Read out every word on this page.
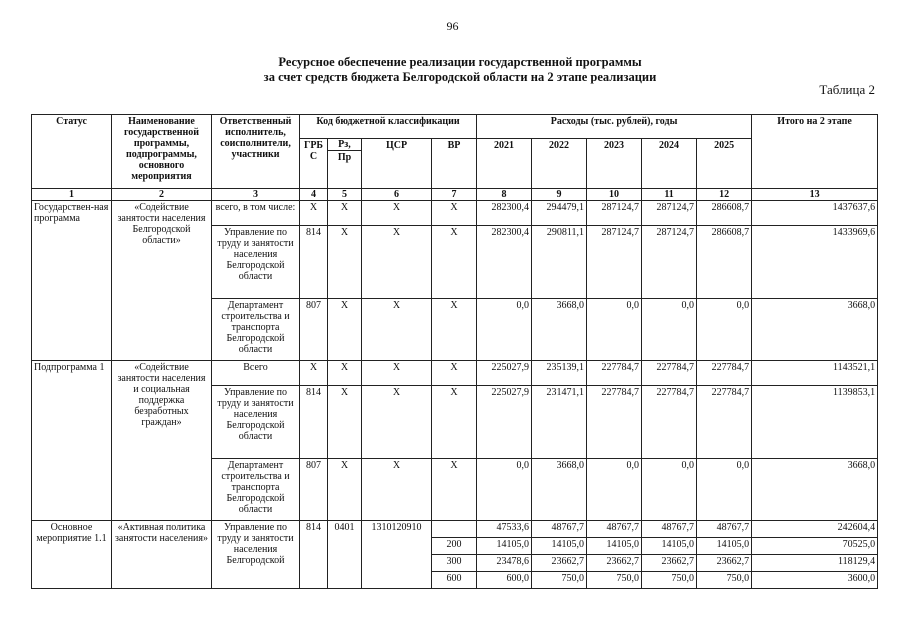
96
Ресурсное обеспечение реализации государственной программы
за счет средств бюджета Белгородской области на 2 этапе реализации
Таблица 2
Статус	Наименование государственной программы, подпрограммы, основного мероприятия	Ответственный исполнитель, соисполнители, участники	Код бюджетной классификации				Расходы (тыс. рублей), годы					Итого на 2 этапе
			ГРБ С	Рз,	ЦСР	ВР	2021	2022	2023	2024	2025	
				Пр								
1	2	3	4	5	6	7	8	9	10	11	12	13
Государствен-ная программа	«Содействие занятости населения Белгородской области»	всего, в том числе:	Х	Х	Х	Х	282300,4	294479,1	287124,7	287124,7	286608,7	1437637,6
		Управление по труду и занятости населения Белгородской области	814	Х	Х	Х	282300,4	290811,1	287124,7	287124,7	286608,7	1433969,6
		Департамент строительства и транспорта Белгородской области	807	Х	Х	Х	0,0	3668,0	0,0	0,0	0,0	3668,0
Подпрограмма 1	«Содействие занятости населения и социальная поддержка безработных граждан»	Всего	Х	Х	Х	Х	225027,9	235139,1	227784,7	227784,7	227784,7	1143521,1
		Управление по труду и занятости населения Белгородской области	814	Х	Х	Х	225027,9	231471,1	227784,7	227784,7	227784,7	1139853,1
		Департамент строительства и транспорта Белгородской области	807	Х	Х	Х	0,0	3668,0	0,0	0,0	0,0	3668,0
Основное мероприятие 1.1	«Активная политика занятости населения»	Управление по труду и занятости населения Белгородской	814	0401	1310120910		47533,6	48767,7	48767,7	48767,7	48767,7	242604,4
						200	14105,0	14105,0	14105,0	14105,0	14105,0	70525,0
						300	23478,6	23662,7	23662,7	23662,7	23662,7	118129,4
						600	600,0	750,0	750,0	750,0	750,0	3600,0
